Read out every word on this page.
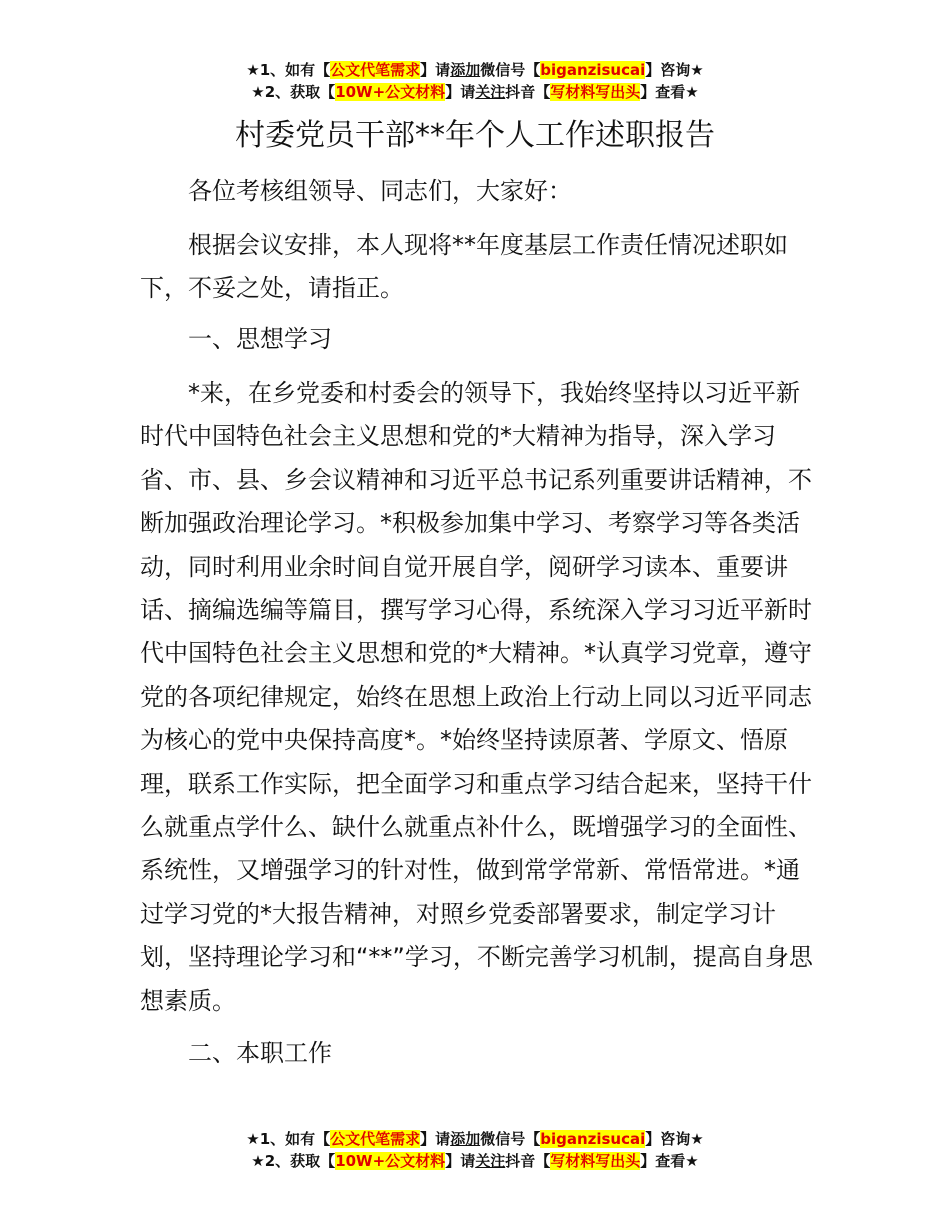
★1、如有【公文代笔需求】请添加微信号【biganzisucai】咨询★
★2、获取【10W+公文材料】请关注抖音【写材料写出头】查看★
村委党员干部**年个人工作述职报告

各位考核组领导、同志们，大家好：

根据会议安排，本人现将**年度基层工作责任情况述职如下，不妥之处，请指正。

一、思想学习

*来，在乡党委和村委会的领导下，我始终坚持以习近平新时代中国特色社会主义思想和党的*大精神为指导，深入学习省、市、县、乡会议精神和习近平总书记系列重要讲话精神，不断加强政治理论学习。*积极参加集中学习、考察学习等各类活动，同时利用业余时间自觉开展自学，阅研学习读本、重要讲话、摘编选编等篇目，撰写学习心得，系统深入学习习近平新时代中国特色社会主义思想和党的*大精神。*认真学习党章，遵守党的各项纪律规定，始终在思想上政治上行动上同以习近平同志为核心的党中央保持高度*。*始终坚持读原著、学原文、悟原理，联系工作实际，把全面学习和重点学习结合起来，坚持干什么就重点学什么、缺什么就重点补什么，既增强学习的全面性、系统性，又增强学习的针对性，做到常学常新、常悟常进。*通过学习党的*大报告精神，对照乡党委部署要求，制定学习计划，坚持理论学习和“**”学习，不断完善学习机制，提高自身思想素质。

二、本职工作

★1、如有【公文代笔需求】请添加微信号【biganzisucai】咨询★
★2、获取【10W+公文材料】请关注抖音【写材料写出头】查看★
